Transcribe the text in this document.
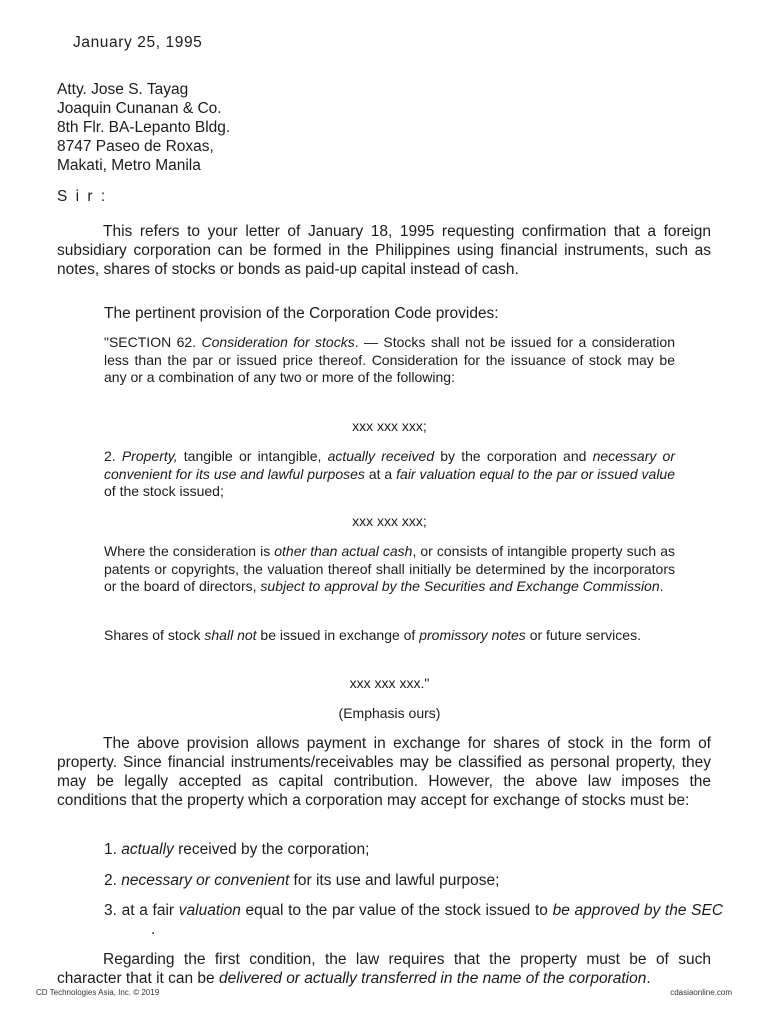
January 25, 1995
Atty. Jose S. Tayag
Joaquin Cunanan & Co.
8th Flr. BA-Lepanto Bldg.
8747 Paseo de Roxas,
Makati, Metro Manila
S i r :
This refers to your letter of January 18, 1995 requesting confirmation that a foreign subsidiary corporation can be formed in the Philippines using financial instruments, such as notes, shares of stocks or bonds as paid-up capital instead of cash.
The pertinent provision of the Corporation Code provides:
"SECTION 62. Consideration for stocks. — Stocks shall not be issued for a consideration less than the par or issued price thereof. Consideration for the issuance of stock may be any or a combination of any two or more of the following:
xxx xxx xxx;
2. Property, tangible or intangible, actually received by the corporation and necessary or convenient for its use and lawful purposes at a fair valuation equal to the par or issued value of the stock issued;
xxx xxx xxx;
Where the consideration is other than actual cash, or consists of intangible property such as patents or copyrights, the valuation thereof shall initially be determined by the incorporators or the board of directors, subject to approval by the Securities and Exchange Commission.
Shares of stock shall not be issued in exchange of promissory notes or future services.
xxx xxx xxx."
(Emphasis ours)
The above provision allows payment in exchange for shares of stock in the form of property. Since financial instruments/receivables may be classified as personal property, they may be legally accepted as capital contribution. However, the above law imposes the conditions that the property which a corporation may accept for exchange of stocks must be:
1. actually received by the corporation;
2. necessary or convenient for its use and lawful purpose;
3. at a fair valuation equal to the par value of the stock issued to be approved by the SEC .
Regarding the first condition, the law requires that the property must be of such character that it can be delivered or actually transferred in the name of the corporation.
CD Technologies Asia, Inc. © 2019	cdasiaonline.com
